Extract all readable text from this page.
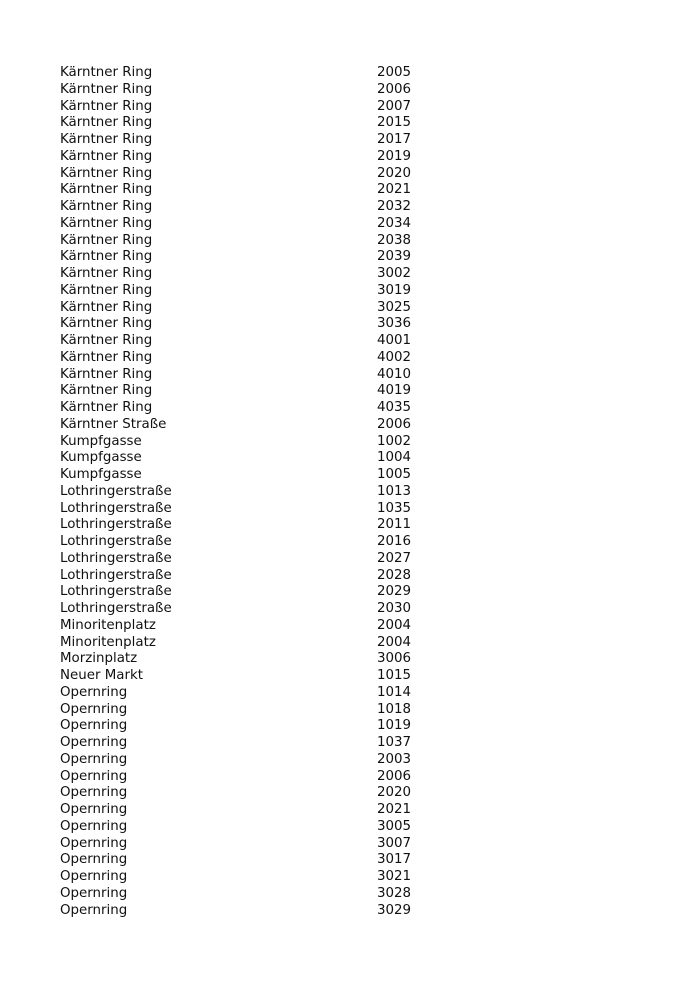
Kärntner Ring	2005
Kärntner Ring	2006
Kärntner Ring	2007
Kärntner Ring	2015
Kärntner Ring	2017
Kärntner Ring	2019
Kärntner Ring	2020
Kärntner Ring	2021
Kärntner Ring	2032
Kärntner Ring	2034
Kärntner Ring	2038
Kärntner Ring	2039
Kärntner Ring	3002
Kärntner Ring	3019
Kärntner Ring	3025
Kärntner Ring	3036
Kärntner Ring	4001
Kärntner Ring	4002
Kärntner Ring	4010
Kärntner Ring	4019
Kärntner Ring	4035
Kärntner Straße	2006
Kumpfgasse	1002
Kumpfgasse	1004
Kumpfgasse	1005
Lothringerstraße	1013
Lothringerstraße	1035
Lothringerstraße	2011
Lothringerstraße	2016
Lothringerstraße	2027
Lothringerstraße	2028
Lothringerstraße	2029
Lothringerstraße	2030
Minoritenplatz	2004
Minoritenplatz	2004
Morzinplatz	3006
Neuer Markt	1015
Opernring	1014
Opernring	1018
Opernring	1019
Opernring	1037
Opernring	2003
Opernring	2006
Opernring	2020
Opernring	2021
Opernring	3005
Opernring	3007
Opernring	3017
Opernring	3021
Opernring	3028
Opernring	3029
